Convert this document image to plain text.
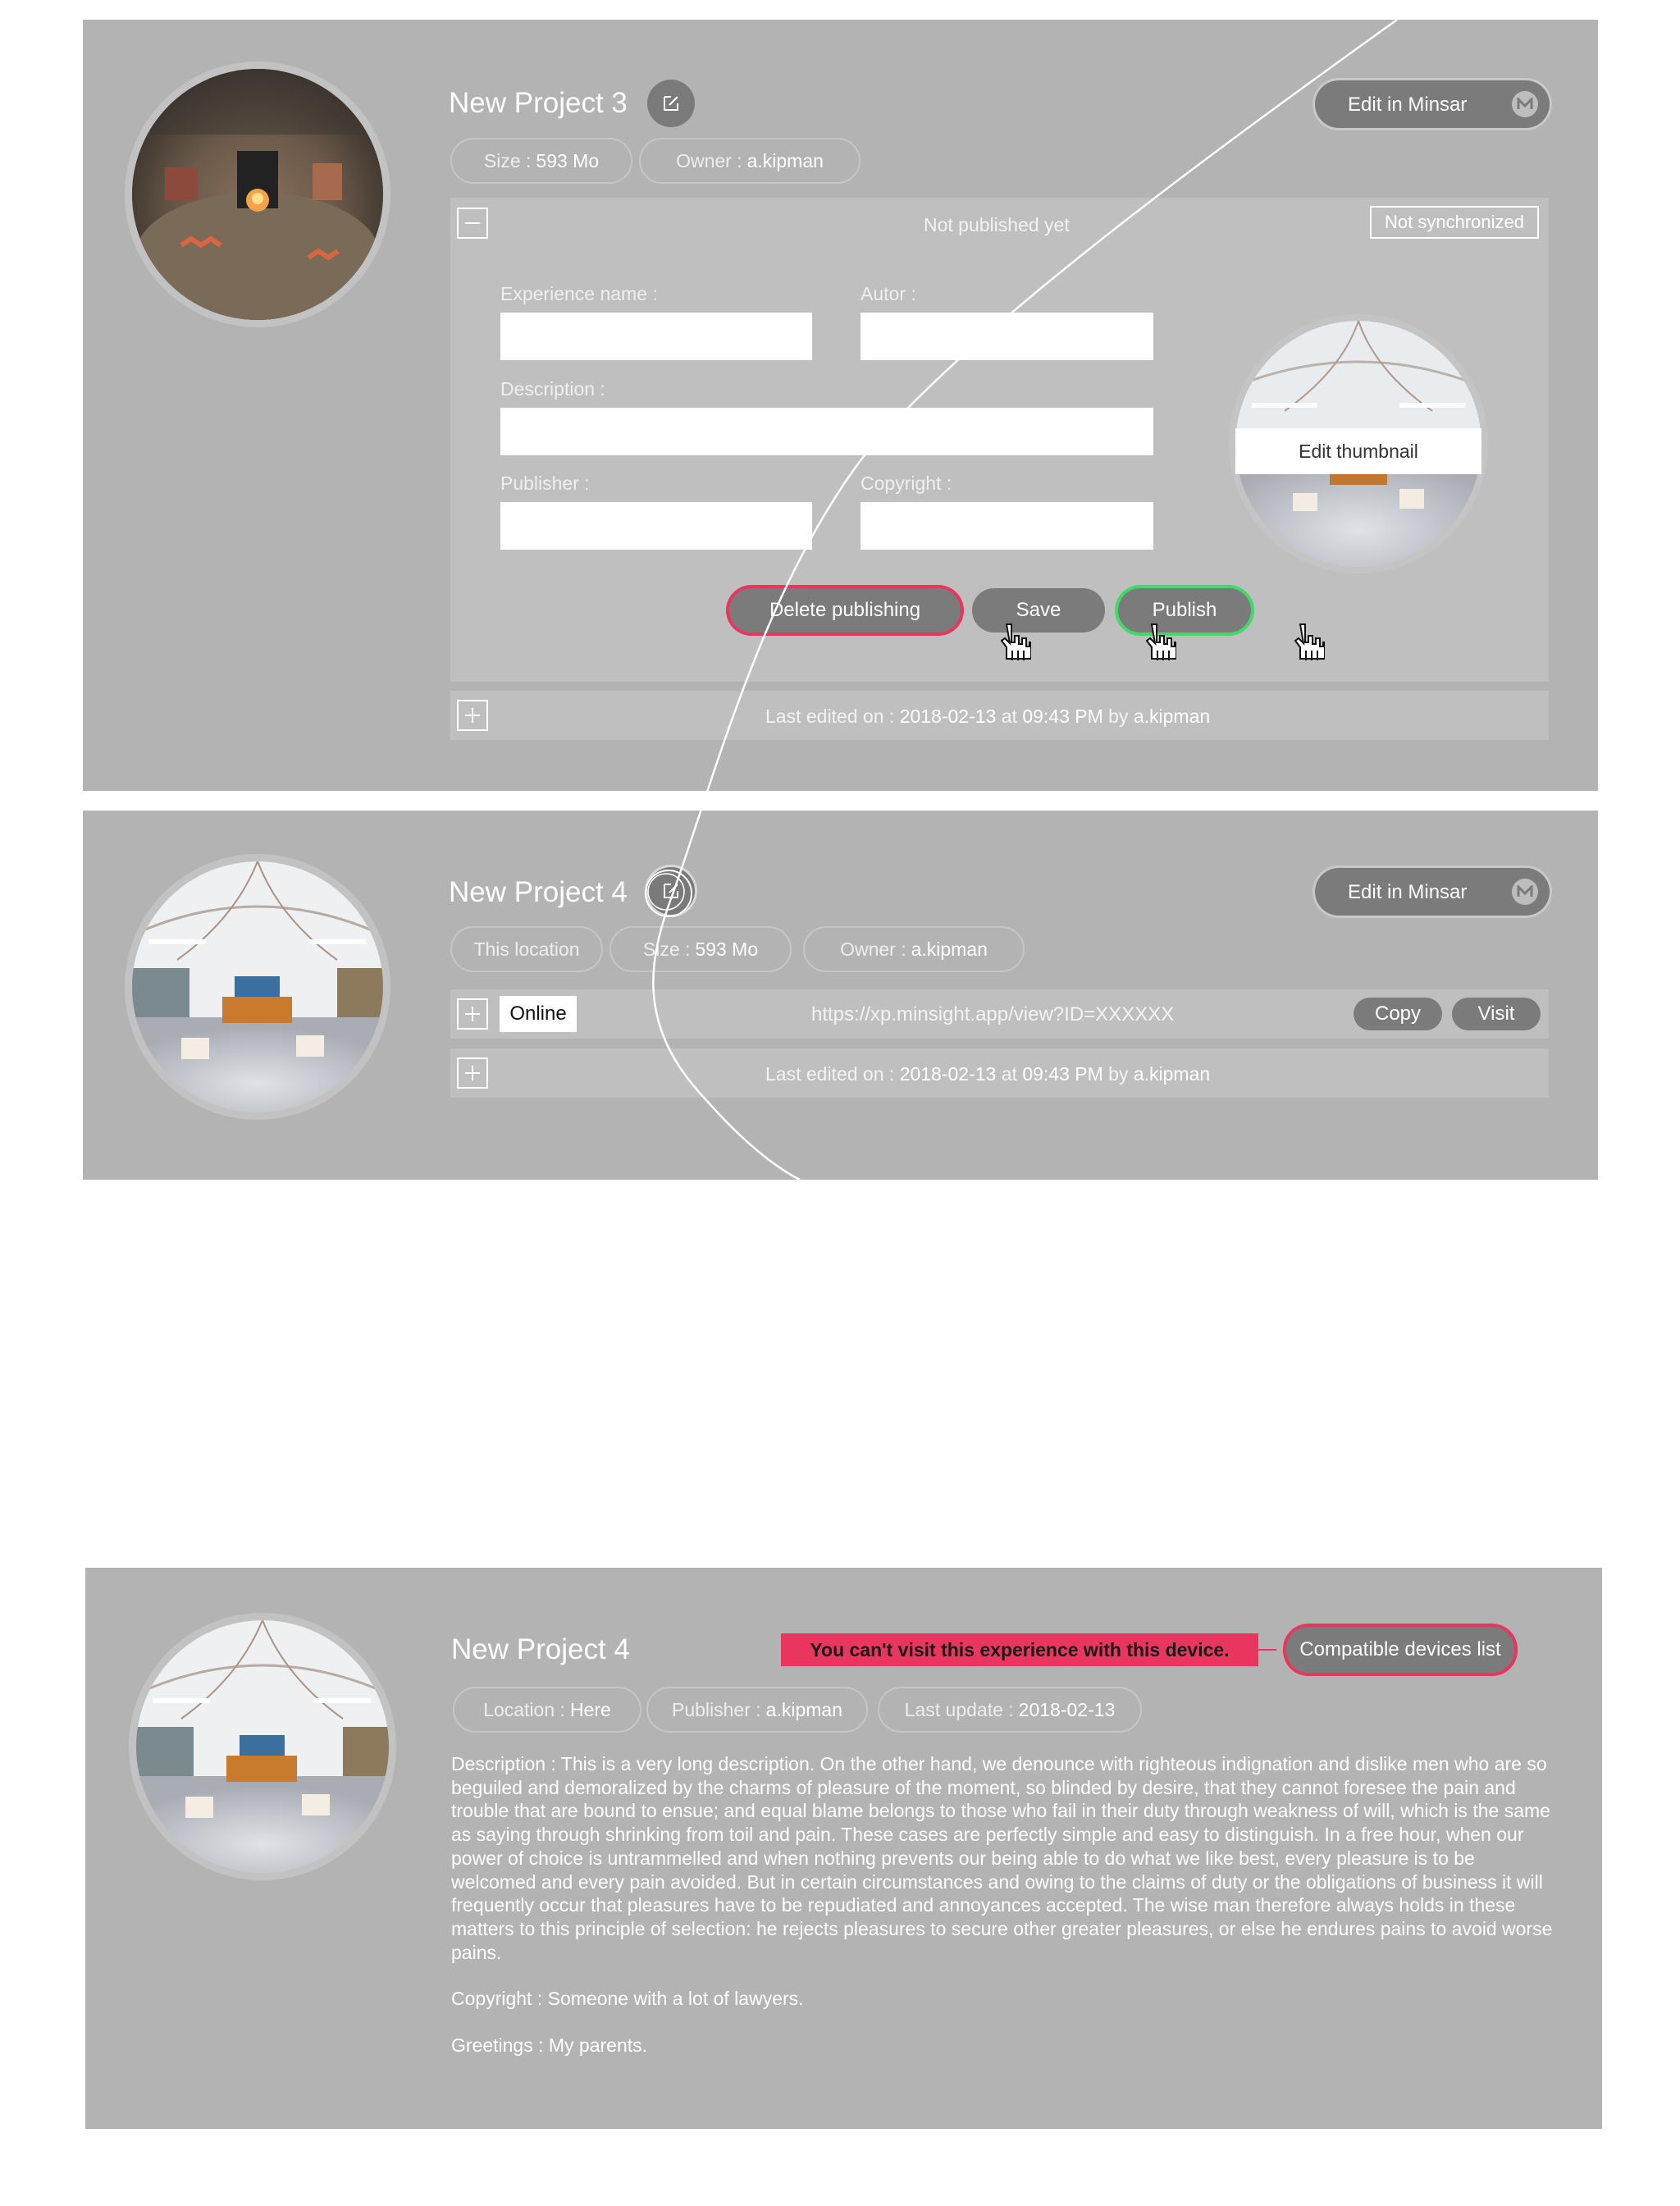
New Project 3	Edit in Minsar
Size : 593 Mo	Owner : a.kipman
Not published yet	Not synchronized
Experience name :	Autor :
Description :
Publisher :	Copyright :
Edit thumbnail
Delete publishing	Save	Publish
Last edited on : 2018-02-13 at 09:43 PM by a.kipman
New Project 4	Edit in Minsar
This location	Size : 593 Mo	Owner : a.kipman
Online	https://xp.minsight.app/view?ID=XXXXXX	Copy	Visit
Last edited on : 2018-02-13 at 09:43 PM by a.kipman
New Project 4	You can't visit this experience with this device.	Compatible devices list
Location : Here	Publisher : a.kipman	Last update : 2018-02-13

Description : This is a very long description. On the other hand, we denounce with righteous indignation and dislike men who are so beguiled and demoralized by the charms of pleasure of the moment, so blinded by desire, that they cannot foresee the pain and trouble that are bound to ensue; and equal blame belongs to those who fail in their duty through weakness of will, which is the same as saying through shrinking from toil and pain. These cases are perfectly simple and easy to distinguish. In a free hour, when our power of choice is untrammelled and when nothing prevents our being able to do what we like best, every pleasure is to be welcomed and every pain avoided. But in certain circumstances and owing to the claims of duty or the obligations of business it will frequently occur that pleasures have to be repudiated and annoyances accepted. The wise man therefore always holds in these matters to this principle of selection: he rejects pleasures to secure other greater pleasures, or else he endures pains to avoid worse pains.

Copyright : Someone with a lot of lawyers.

Greetings : My parents.
